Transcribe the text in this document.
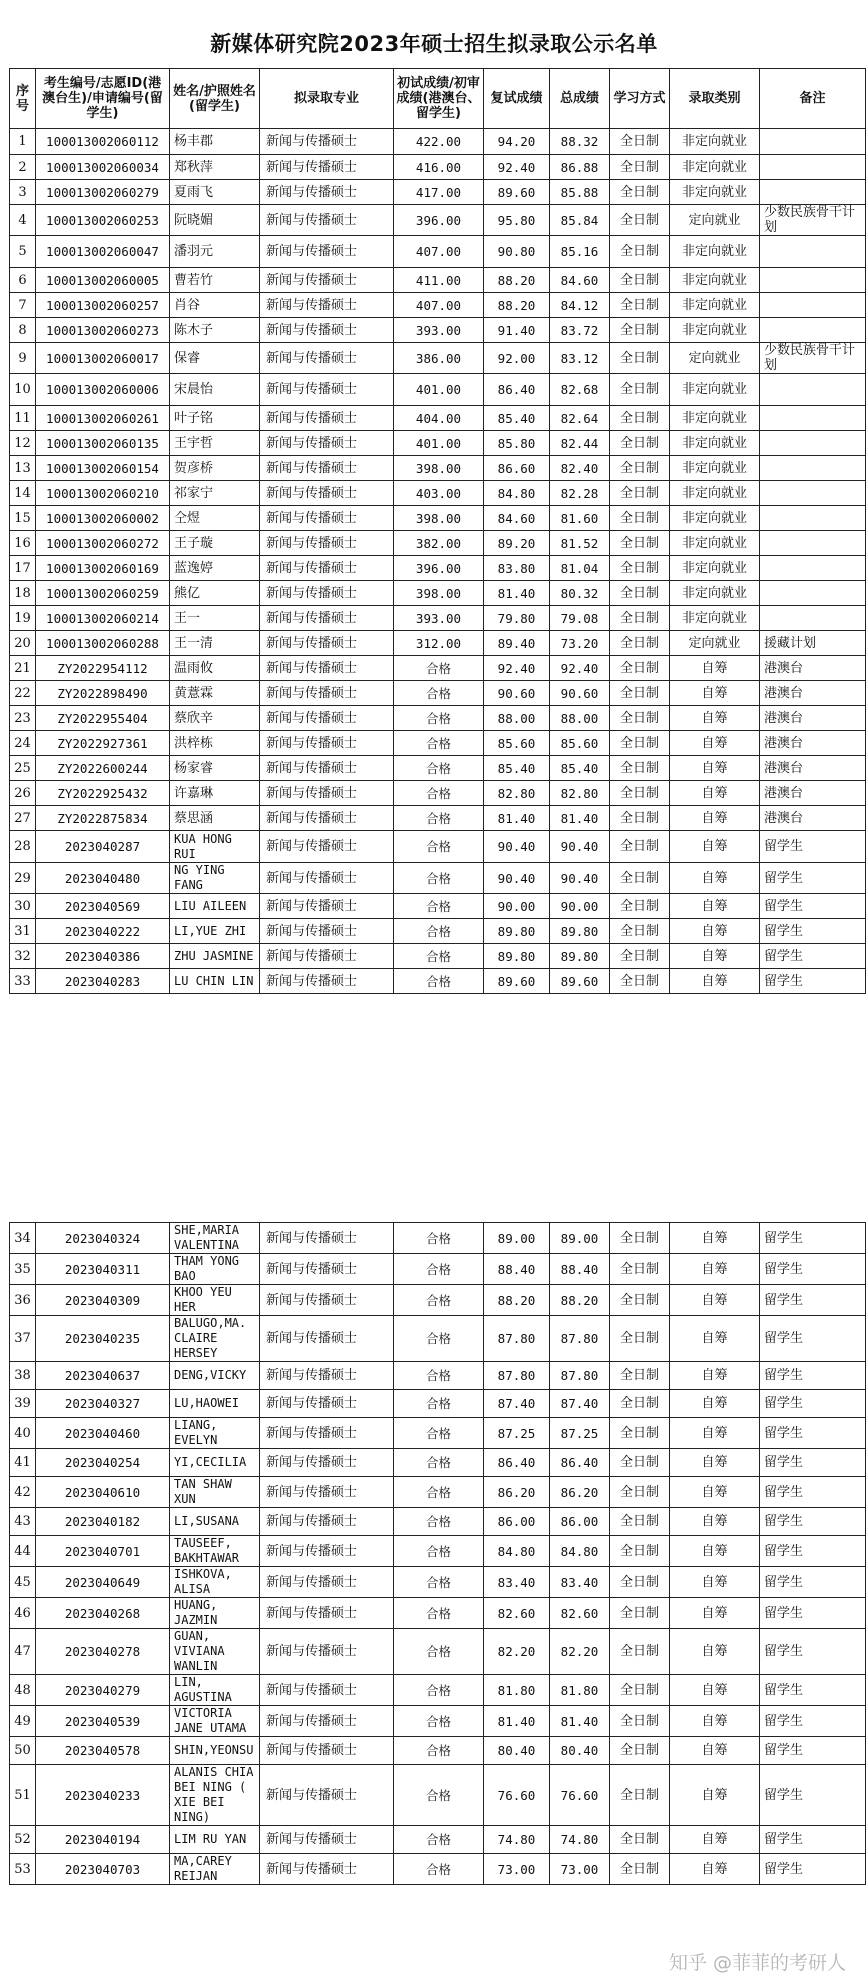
新媒体研究院2023年硕士招生拟录取公示名单
序号	考生编号/志愿ID(港澳台生)/申请编号(留学生)	姓名/护照姓名(留学生)	拟录取专业	初试成绩/初审成绩(港澳台、留学生)	复试成绩	总成绩	学习方式	录取类别	备注
1	100013002060112	杨丰郡	新闻与传播硕士	422.00	94.20	88.32	全日制	非定向就业	
2	100013002060034	郑秋萍	新闻与传播硕士	416.00	92.40	86.88	全日制	非定向就业	
3	100013002060279	夏雨飞	新闻与传播硕士	417.00	89.60	85.88	全日制	非定向就业	
4	100013002060253	阮晓媚	新闻与传播硕士	396.00	95.80	85.84	全日制	定向就业	少数民族骨干计划
5	100013002060047	潘羽元	新闻与传播硕士	407.00	90.80	85.16	全日制	非定向就业	
6	100013002060005	曹若竹	新闻与传播硕士	411.00	88.20	84.60	全日制	非定向就业	
7	100013002060257	肖谷	新闻与传播硕士	407.00	88.20	84.12	全日制	非定向就业	
8	100013002060273	陈木子	新闻与传播硕士	393.00	91.40	83.72	全日制	非定向就业	
9	100013002060017	保睿	新闻与传播硕士	386.00	92.00	83.12	全日制	定向就业	少数民族骨干计划
10	100013002060006	宋晨怡	新闻与传播硕士	401.00	86.40	82.68	全日制	非定向就业	
11	100013002060261	叶子铭	新闻与传播硕士	404.00	85.40	82.64	全日制	非定向就业	
12	100013002060135	王宇哲	新闻与传播硕士	401.00	85.80	82.44	全日制	非定向就业	
13	100013002060154	贺彦桥	新闻与传播硕士	398.00	86.60	82.40	全日制	非定向就业	
14	100013002060210	祁家宁	新闻与传播硕士	403.00	84.80	82.28	全日制	非定向就业	
15	100013002060002	仝煜	新闻与传播硕士	398.00	84.60	81.60	全日制	非定向就业	
16	100013002060272	王子璇	新闻与传播硕士	382.00	89.20	81.52	全日制	非定向就业	
17	100013002060169	蓝逸婷	新闻与传播硕士	396.00	83.80	81.04	全日制	非定向就业	
18	100013002060259	熊亿	新闻与传播硕士	398.00	81.40	80.32	全日制	非定向就业	
19	100013002060214	王一	新闻与传播硕士	393.00	79.80	79.08	全日制	非定向就业	
20	100013002060288	王一清	新闻与传播硕士	312.00	89.40	73.20	全日制	定向就业	援藏计划
21	ZY2022954112	温雨攸	新闻与传播硕士	合格	92.40	92.40	全日制	自筹	港澳台
22	ZY2022898490	黄薏霖	新闻与传播硕士	合格	90.60	90.60	全日制	自筹	港澳台
23	ZY2022955404	蔡欣辛	新闻与传播硕士	合格	88.00	88.00	全日制	自筹	港澳台
24	ZY2022927361	洪梓栋	新闻与传播硕士	合格	85.60	85.60	全日制	自筹	港澳台
25	ZY2022600244	杨家睿	新闻与传播硕士	合格	85.40	85.40	全日制	自筹	港澳台
26	ZY2022925432	许嘉琳	新闻与传播硕士	合格	82.80	82.80	全日制	自筹	港澳台
27	ZY2022875834	蔡思涵	新闻与传播硕士	合格	81.40	81.40	全日制	自筹	港澳台
28	2023040287	KUA HONG RUI	新闻与传播硕士	合格	90.40	90.40	全日制	自筹	留学生
29	2023040480	NG YING FANG	新闻与传播硕士	合格	90.40	90.40	全日制	自筹	留学生
30	2023040569	LIU AILEEN	新闻与传播硕士	合格	90.00	90.00	全日制	自筹	留学生
31	2023040222	LI,YUE ZHI	新闻与传播硕士	合格	89.80	89.80	全日制	自筹	留学生
32	2023040386	ZHU JASMINE	新闻与传播硕士	合格	89.80	89.80	全日制	自筹	留学生
33	2023040283	LU CHIN LIN	新闻与传播硕士	合格	89.60	89.60	全日制	自筹	留学生
34	2023040324	SHE,MARIA VALENTINA	新闻与传播硕士	合格	89.00	89.00	全日制	自筹	留学生
35	2023040311	THAM YONG BAO	新闻与传播硕士	合格	88.40	88.40	全日制	自筹	留学生
36	2023040309	KHOO YEU HER	新闻与传播硕士	合格	88.20	88.20	全日制	自筹	留学生
37	2023040235	BALUGO,MA. CLAIRE HERSEY	新闻与传播硕士	合格	87.80	87.80	全日制	自筹	留学生
38	2023040637	DENG,VICKY	新闻与传播硕士	合格	87.80	87.80	全日制	自筹	留学生
39	2023040327	LU,HAOWEI	新闻与传播硕士	合格	87.40	87.40	全日制	自筹	留学生
40	2023040460	LIANG, EVELYN	新闻与传播硕士	合格	87.25	87.25	全日制	自筹	留学生
41	2023040254	YI,CECILIA	新闻与传播硕士	合格	86.40	86.40	全日制	自筹	留学生
42	2023040610	TAN SHAW XUN	新闻与传播硕士	合格	86.20	86.20	全日制	自筹	留学生
43	2023040182	LI,SUSANA	新闻与传播硕士	合格	86.00	86.00	全日制	自筹	留学生
44	2023040701	TAUSEEF, BAKHTAWAR	新闻与传播硕士	合格	84.80	84.80	全日制	自筹	留学生
45	2023040649	ISHKOVA, ALISA	新闻与传播硕士	合格	83.40	83.40	全日制	自筹	留学生
46	2023040268	HUANG, JAZMIN	新闻与传播硕士	合格	82.60	82.60	全日制	自筹	留学生
47	2023040278	GUAN, VIVIANA WANLIN	新闻与传播硕士	合格	82.20	82.20	全日制	自筹	留学生
48	2023040279	LIN, AGUSTINA	新闻与传播硕士	合格	81.80	81.80	全日制	自筹	留学生
49	2023040539	VICTORIA JANE UTAMA	新闻与传播硕士	合格	81.40	81.40	全日制	自筹	留学生
50	2023040578	SHIN,YEONSU	新闻与传播硕士	合格	80.40	80.40	全日制	自筹	留学生
51	2023040233	ALANIS CHIA BEI NING ( XIE BEI NING)	新闻与传播硕士	合格	76.60	76.60	全日制	自筹	留学生
52	2023040194	LIM RU YAN	新闻与传播硕士	合格	74.80	74.80	全日制	自筹	留学生
53	2023040703	MA,CAREY REIJAN	新闻与传播硕士	合格	73.00	73.00	全日制	自筹	留学生
知乎 @菲菲的考研人
